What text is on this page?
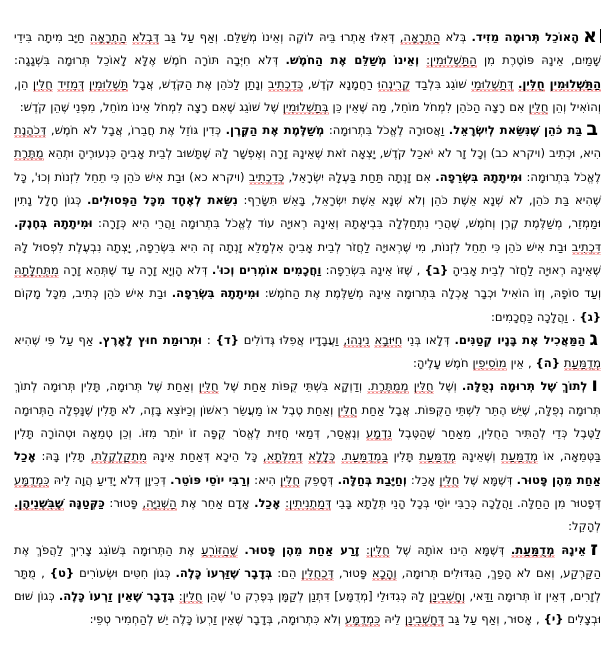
אהָאוֹכֵל תְּרוּמָה מֵזִיד. בְּלֹא הַתְרָאָה, דְּאִלּוּ אַתְרוּ בֵּיהּ לוֹקֶה וְאֵינוֹ מְשַׁלֵּם. וְאַף עַל גַּב דְּבְלֹא הַתְרָאָה חַיָּב מִיתָה בִּידֵי שָׁמַיִם, אֵינָהּ פּוֹטֶרֶת מִן הַתַּשְׁלוּמִין: וְאֵינוֹ מְשַׁלֵּם אֶת הַחֹמֶשׁ. דְּלֹא חִיְּבָה תּוֹרָה חֹמֶשׁ אֶלָּא לָאוֹכֵל תְּרוּמָה בִּשְׁגָגָה: הַתַּשְׁלוּמִין חֻלִּין. דְּתַשְׁלוּמֵי שׁוֹגֵג בִּלְבַד קְרִינְהוּ רַחֲמָנָא קֹדֶשׁ, כְּדִכְתִיב וְנָתַן לַכֹּהֵן אֶת הַקֹּדֶשׁ, אֲבָל תַּשְׁלוּמִין דְּמֵזִיד חֻלִּין הֵן, וְהוֹאִיל וְהֵן חֻלִּין אִם רָצָה הַכֹּהֵן לִמְחֹל מוֹחֵל, מַה שֶּׁאֵין כֵּן בְּתַשְׁלוּמִין שֶׁל שׁוֹגֵג שֶׁאִם רָצָה לִמְחֹל אֵינוֹ מוֹחֵל, מִפְּנֵי שֶׁהֵן קֹדֶשׁ:

בבַּת כֹּהֵן שֶׁנִּשֵּׂאת לְיִשְׂרָאֵל. וַאֲסוּרָה לֶאֱכֹל בִּתְרוּמָה: מְשַׁלֶּמֶת אֶת הַקֶּרֶן. כְּדִין גּוֹזֵל אֶת חֲבֵרוֹ, אֲבָל לֹא חֹמֶשׁ, דְּכֹהֶנֶת הִיא, וּכְתִיב (ויקרא כב) וְכָל זָר לֹא יֹאכַל קֹדֶשׁ, יָצְאָה זֹאת שֶׁאֵינָהּ זָרָה וְאֶפְשָׁר לָהּ שֶׁתָּשׁוּב לְבֵית אָבִיהָ כִּנְעוּרֶיהָ וּתְהֵא מֻתֶּרֶת לֶאֱכֹל בִּתְרוּמָה: וּמִיתָתָהּ בִּשְׂרֵפָה. אִם זָנְתָה תַּחַת בַּעְלָהּ יִשְׂרָאֵל, כְּדִכְתִיב (ויקרא כא) וּבַת אִישׁ כֹּהֵן כִּי תֵחֵל לִזְנוֹת וְכוּ', כָּל שֶׁהִיא בַּת כֹּהֵן, לֹא שְׁנָא אֵשֶׁת כֹּהֵן וְלֹא שְׁנָא אֵשֶׁת יִשְׂרָאֵל, בָּאֵשׁ תִּשָּׂרֵף: נִשֵּׂאת לְאֶחָד מִכָּל הַפְּסוּלִים. כְּגוֹן חָלָל נָתִין וּמַמְזֵר, מְשַׁלֶּמֶת קֶרֶן וְחֹמֶשׁ, שֶׁהֲרֵי נִתְחַלְּלָה בִּבְיאָתָהּ וְאֵינָהּ רְאוּיָה עוֹד לֶאֱכֹל בִּתְרוּמָה וַהֲרֵי הִיא כְּזָרָה: וּמִיתָתָהּ בְּחֶנֶק. דִּכְתִיב וּבַת אִישׁ כֹּהֵן כִּי תֵחֵל לִזְנוֹת, מִי שֶׁרְאוּיָה לַחֲזֹר לְבֵית אָבִיהָ אִלְמָלֵא זָנְתָה זֶה הִיא בִּשְׂרֵפָה, יָצְתָה נִבְעֶלֶת לִפְסוּל לָהּ שֶׁאֵינָהּ רְאוּיָה לַחֲזֹר לְבֵית אָבִיהָ {ב} , שֶׁזּוֹ אֵינָהּ בִּשְׂרֵפָה: וַחֲכָמִים אוֹמְרִים וְכוּ'. דְּלֹא הָוְיָא זָרָה עַד שֶׁתְּהֵא זָרָה מִתְּחִלָּתָהּ וְעַד סוֹפָהּ, וְזוֹ הוֹאִיל וּכְבָר אָכְלָה בִּתְרוּמָה אֵינָהּ מְשַׁלֶּמֶת אֶת הַחֹמֶשׁ: וּמִיתָתָהּ בִּשְׂרֵפָה. וּבַת אִישׁ כֹּהֵן כְּתִיב, מִכָּל מָקוֹם {ג} . וַהֲלָכָה כַּחֲכָמִים:

גהַמַּאֲכִיל אֶת בָּנָיו קְטַנִּים. דְּלָאו בְּנֵי חִיּוּבָא נִינְהוּ, וַעֲבָדָיו אֲפִלּוּ גְּדוֹלִים {ד} : וּתְרוּמַת חוּץ לָאָרֶץ. אַף עַל פִּי שֶׁהִיא מְדֻמַּעַת {ה} , אֵין מוֹסִיפִין חֹמֶשׁ עָלֶיהָ:

ולְתוֹךְ שֶׁל תְּרוּמָה נְפֻלָּה. וְשֶׁל חֻלִּין מְמֻתֶּרֶת. וְדַוְקָא בִּשְׁתֵּי קֻפּוֹת אַחַת שֶׁל חֻלִּין וְאַחַת שֶׁל תְּרוּמָה, תָּלִין תְּרוּמָה לְתוֹךְ תְּרוּמָה נְפֻלָּה, שֶׁיֵּשׁ הֶתֵּר לִשְׁתֵּי הַקֻּפּוֹת. אֲבָל אַחַת חֻלִּין וְאַחַת טֶבֶל אוֹ מַעֲשֵׂר רִאשׁוֹן וְכַיּוֹצֵא בָּזֶה, לֹא תָּלִין שֶׁנָּפְלָה הַתְּרוּמָה לַטֶּבֶל כְּדֵי לְהַתִּיר הַחֻלִּין, מֵאַחַר שֶׁהַטֶּבֶל נִדְמָע וְנֶאֱסַר, דְּמַאי חֲזִית לֶאֱסֹר קֻפָּה זוֹ יוֹתֵר מִזּוֹ. וְכֵן טְמֵאָה וּטְהוֹרָה תָּלִין בַּטְּמֵאָה, אוֹ מְדֻמַּעַת וְשֶׁאֵינָהּ מְדֻמַּעַת תָּלִין בַּמְדֻמַּעַת. כְּלָלָא דְּמִלְּתָא, כָּל הֵיכָא דְּאַחַת אֵינָהּ מִתְקַלְקֶלֶת, תָּלִין בָּהּ: אָכַל אַחַת מֵהֶן פָּטוּר. דְּשֶׁמָּא שֶׁל חֻלִּין אָכַל: וְחַיָּבַת בְּחַלָּה. דְּסָפֵק חֻלִּין הִיא: וְרַבִּי יוֹסֵי פּוֹטֵר. דְּכֵיוָן דְּלֹא יָדִיעַ הֲוָה לֵיהּ כִּמְדֻמָּע דְּפָטוּר מִן הַחַלָּה. וַהֲלָכָה כְּרַבִּי יוֹסֵי בְּכָל הָנֵי תְּלָתָא בָּבֵי דְּמַתְנִיתִין: אָכַל. אָדָם אַחֵר אֶת הַשְּׁנִיָּה, פָּטוּר: כַּקְּטַנָּה שֶׁבִּשְׁנֵיהֶן. לְהָקֵל:

זאֵינָהּ מְדֻמַּעַת. דְּשֶׁמָּא הֵינוּ אוֹתָהּ שֶׁל חֻלִּין: זָרַע אַחַת מֵהֶן פָּטוּר. שֶׁהַזּוֹרֵעַ אֶת הַתְּרוּמָה בְּשׁוֹגֵג צָרִיךְ לַהֲפֹךְ אֶת הַקַּרְקַע, וְאִם לֹא הָפַךְ, הַגִּדּוּלִים תְּרוּמָה, וְהָכָא פָּטוּר, דְּכֻחֻלִּין הֵם: בְּדָבָר שֶׁזַּרְעוֹ כָּלֶה. כְּגוֹן חִטִּים וּשְׂעוֹרִים {ט} , מֻתָּר לְזָרִים, דְּאֵין זוֹ תְּרוּמָה וַדַּאי, וְחָשְׁבִינַן לָהּ כְּגִדּוּלֵי [מְדֻמָּע] דִּתְנַן לְקַמָּן בְּפֶרֶק ט' שֶׁהֵן חֻלִּין: בְּדָבָר שֶׁאֵין זַרְעוֹ כָּלֶה. כְּגוֹן שׁוּם וּבְצָלִים {י} , אָסוּר, וְאַף עַל גַּב דְּחָשְׁבִינַן לֵיהּ כִּמְדֻמָּע וְלֹא כִּתְרוּמָה, בְּדָבָר שֶׁאֵין זַרְעוֹ כָּלֶה יֵשׁ לְהַחְמִיר טְפֵי:
